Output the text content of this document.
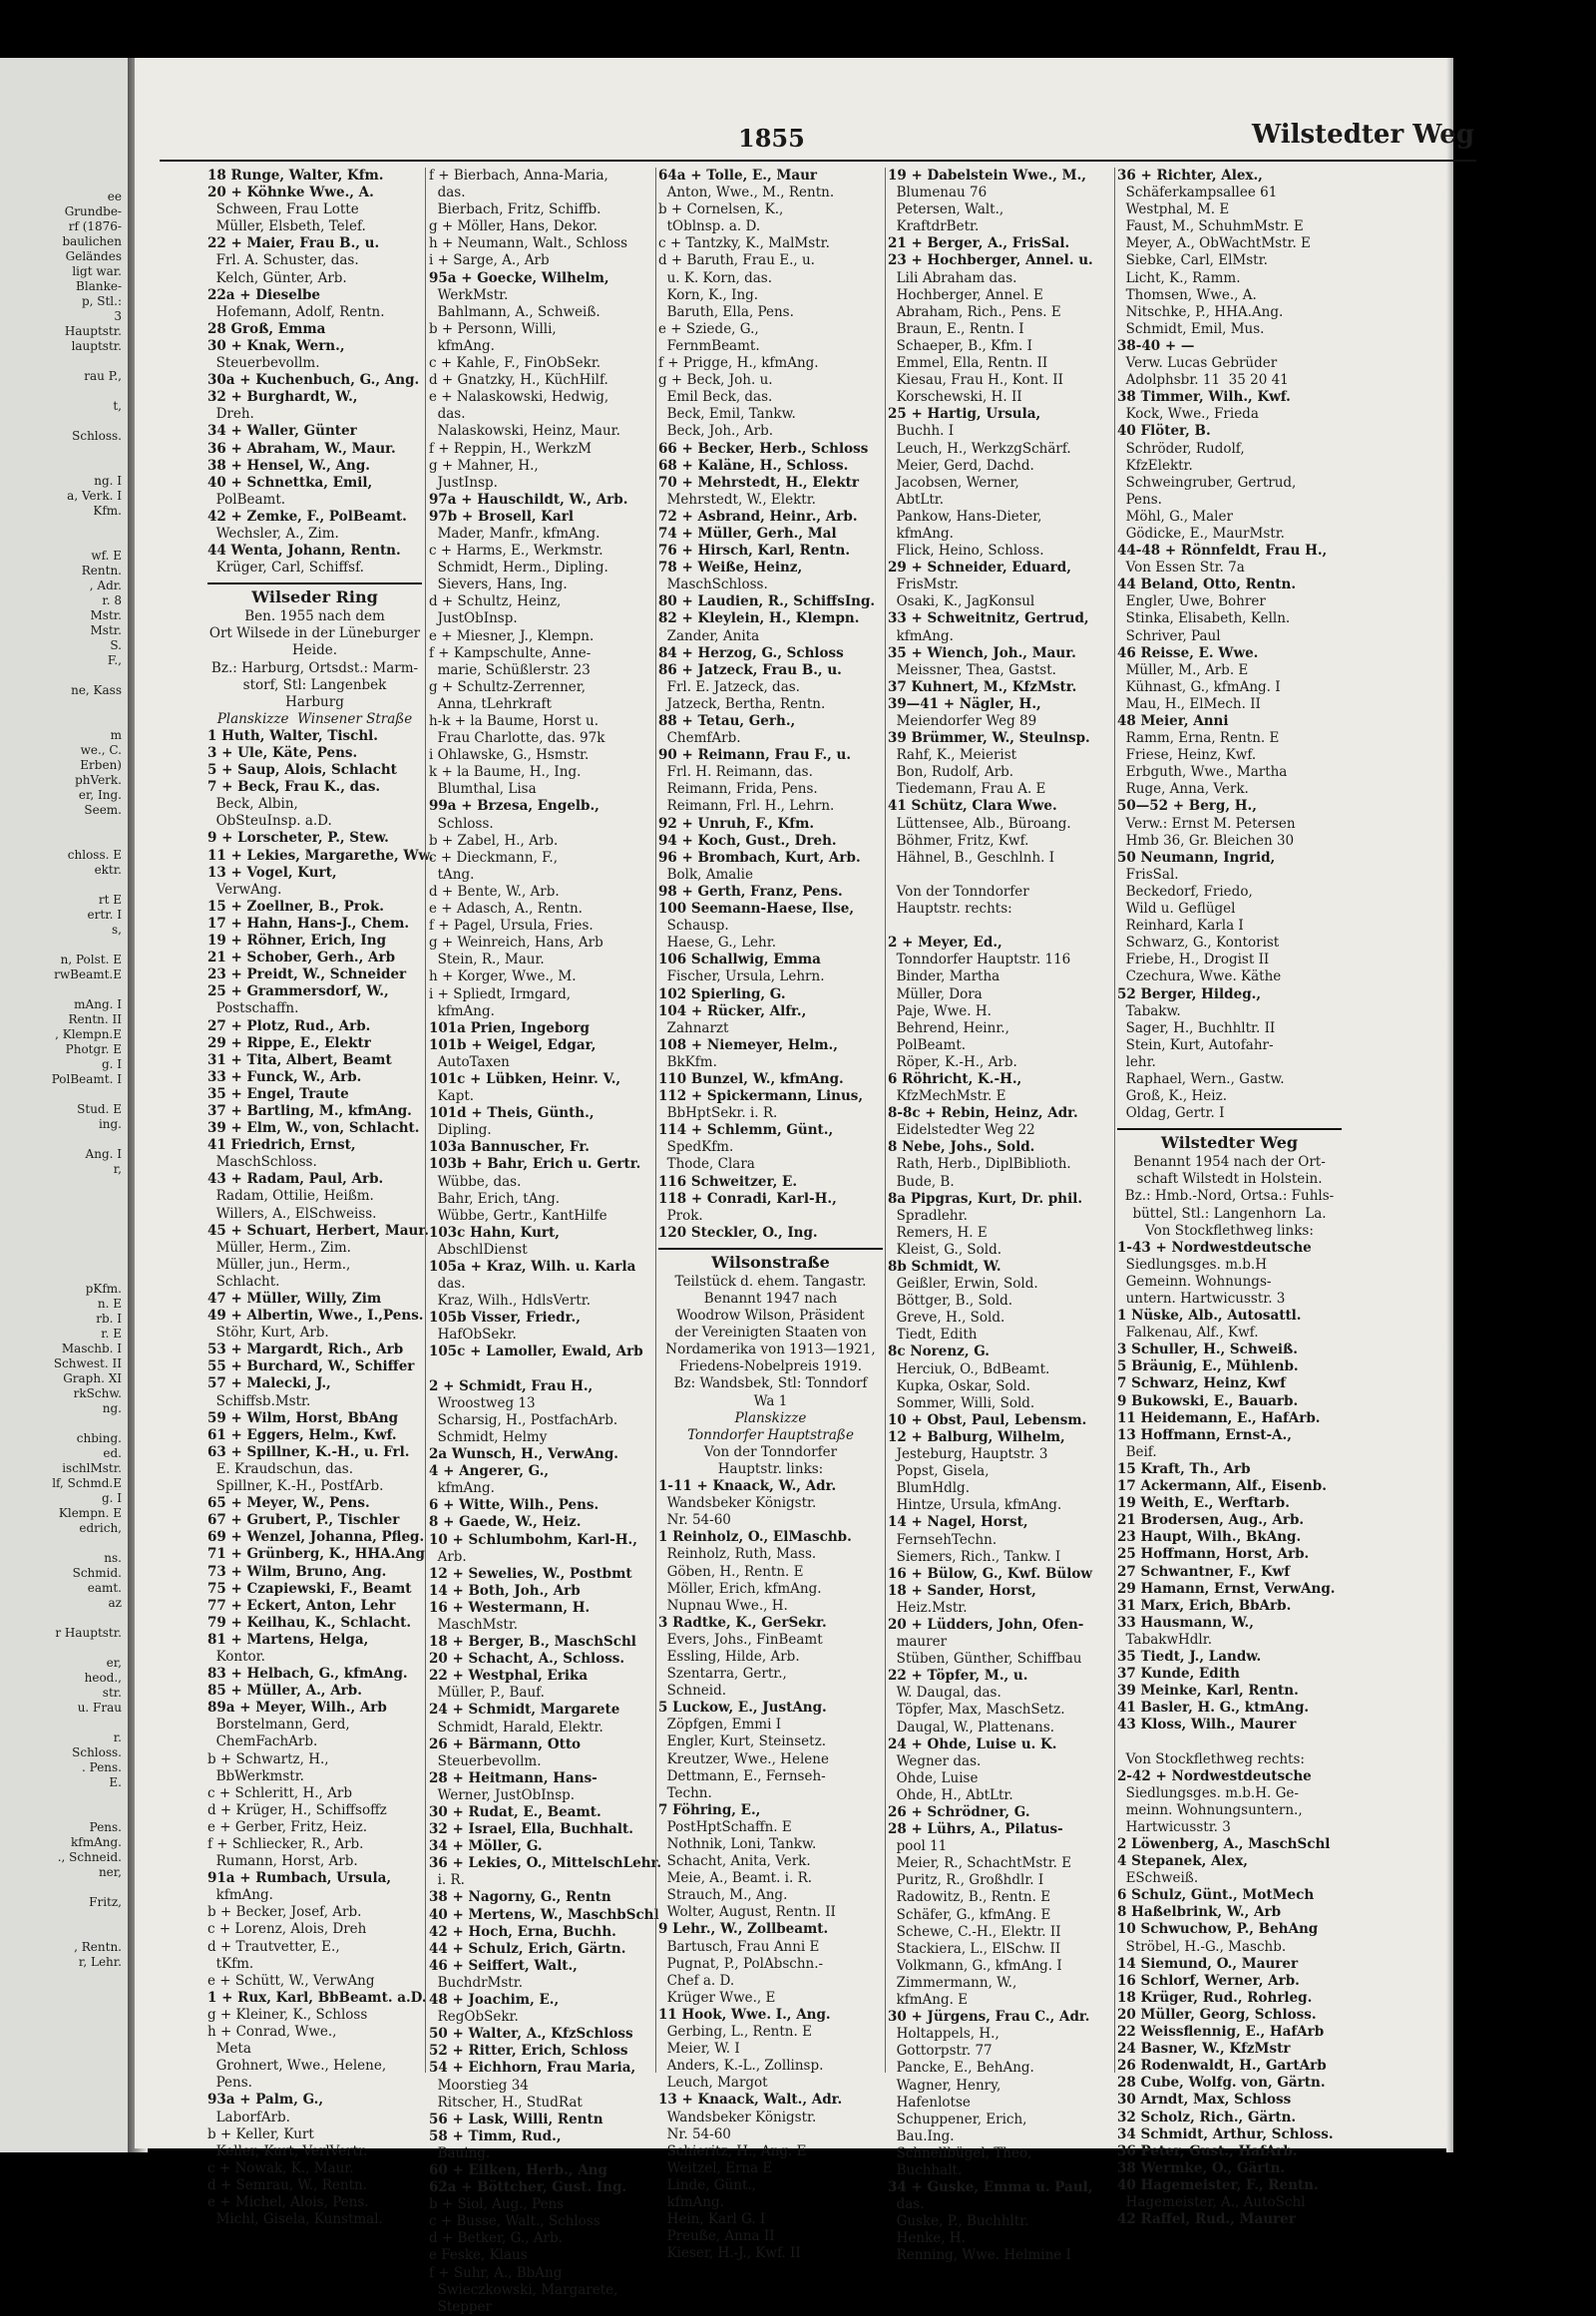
ee
Grundbe-
rf (1876-
baulichen
Geländes
ligt war.
Blanke-
p, Stl.:
3
Hauptstr.
lauptstr.

rau P.,

t,

Schloss.

ng. I
a, Verk. I
Kfm.

wf. E
Rentn.
, Adr.
r. 8
Mstr.
Mstr.
S.
F.,

ne, Kass

m
we., C.
Erben)
phVerk.
er, Ing.
Seem.

chloss. E
ektr.

rt E
ertr. I
s,

n, Polst. E
rwBeamt.E

mAng. I
Rentn. II
, Klempn.E
Photgr. E
g. I
PolBeamt. I

Stud. E
ing.

Ang. I
r,

pKfm.
n. E
rb. I
r. E
Maschb. I
Schwest. II
Graph. XI
rkSchw.
ng.

chbing.
ed.
ischlMstr.
lf, Schmd.E
g. I
Klempn. E
edrich,

ns.
Schmid.
eamt.
az

r Hauptstr.

er,
heod.,
str.
u. Frau

r.
Schloss.
. Pens.
E.

Pens.
kfmAng.
., Schneid.
ner,

Fritz,

, Rentn.
r, Lehr.
1855	Wilstedter Weg
18 Runge, Walter, Kfm.
20 + Köhnke Wwe., A.
Schween, Frau Lotte
Müller, Elsbeth, Telef.
22 + Maier, Frau B., u.
Frl. A. Schuster, das.
Kelch, Günter, Arb.
22a + Dieselbe
Hofemann, Adolf, Rentn.
28 Groß, Emma
30 + Knak, Wern.,
Steuerbevollm.
30a + Kuchenbuch, G., Ang.
32 + Burghardt, W.,
Dreh.
34 + Waller, Günter
36 + Abraham, W., Maur.
38 + Hensel, W., Ang.
40 + Schnettka, Emil,
PolBeamt.
42 + Zemke, F., PolBeamt.
Wechsler, A., Zim.
44 Wenta, Johann, Rentn.
Krüger, Carl, Schiffsf.
Wilseder Ring
Ben. 1955 nach dem
Ort Wilsede in der Lüneburger
Heide.
Bz.: Harburg, Ortsdst.: Marm-
storf, Stl: Langenbek
Harburg
Planskizze  Winsener Straße
1 Huth, Walter, Tischl.
3 + Ule, Käte, Pens.
5 + Saup, Alois, Schlacht
7 + Beck, Frau K., das.
Beck, Albin,
ObSteuInsp. a.D.
9 + Lorscheter, P., Stew.
11 + Lekies, Margarethe, Ww.
13 + Vogel, Kurt,
VerwAng.
15 + Zoellner, B., Prok.
17 + Hahn, Hans-J., Chem.
19 + Röhner, Erich, Ing
21 + Schober, Gerh., Arb
23 + Preidt, W., Schneider
25 + Grammersdorf, W.,
Postschaffn.
27 + Plotz, Rud., Arb.
29 + Rippe, E., Elektr
31 + Tita, Albert, Beamt
33 + Funck, W., Arb.
35 + Engel, Traute
37 + Bartling, M., kfmAng.
39 + Elm, W., von, Schlacht.
41 Friedrich, Ernst,
MaschSchloss.
43 + Radam, Paul, Arb.
Radam, Ottilie, Heißm.
Willers, A., ElSchweiss.
45 + Schuart, Herbert, Maur.
Müller, Herm., Zim.
Müller, jun., Herm.,
Schlacht.
47 + Müller, Willy, Zim
49 + Albertin, Wwe., I.,Pens.
Stöhr, Kurt, Arb.
53 + Margardt, Rich., Arb
55 + Burchard, W., Schiffer
57 + Malecki, J.,
Schiffsb.Mstr.
59 + Wilm, Horst, BbAng
61 + Eggers, Helm., Kwf.
63 + Spillner, K.-H., u. Frl.
E. Kraudschun, das.
Spillner, K.-H., PostfArb.
65 + Meyer, W., Pens.
67 + Grubert, P., Tischler
69 + Wenzel, Johanna, Pfleg.
71 + Grünberg, K., HHA.Ang
73 + Wilm, Bruno, Ang.
75 + Czapiewski, F., Beamt
77 + Eckert, Anton, Lehr
79 + Keilhau, K., Schlacht.
81 + Martens, Helga,
Kontor.
83 + Helbach, G., kfmAng.
85 + Müller, A., Arb.
89a + Meyer, Wilh., Arb
Borstelmann, Gerd,
ChemFachArb.
b + Schwartz, H.,
BbWerkmstr.
c + Schleritt, H., Arb
d + Krüger, H., Schiffsoffz
e + Gerber, Fritz, Heiz.
f + Schliecker, R., Arb.
Rumann, Horst, Arb.
91a + Rumbach, Ursula,
kfmAng.
b + Becker, Josef, Arb.
c + Lorenz, Alois, Dreh
d + Trautvetter, E.,
tKfm.
e + Schütt, W., VerwAng
1 + Rux, Karl, BbBeamt. a.D.
g + Kleiner, K., Schloss
h + Conrad, Wwe.,
Meta
Grohnert, Wwe., Helene,
Pens.
93a + Palm, G.,
LaborfArb.
b + Keller, Kurt
Keller, Kurt, VerlVertr.
c + Nowak, K., Maur.
d + Semrau, W., Rentn.
e + Michel, Alois, Pens.
Michl, Gisela, Kunstmal.
f + Bierbach, Anna-Maria,
das.
Bierbach, Fritz, Schiffb.
g + Möller, Hans, Dekor.
h + Neumann, Walt., Schloss
i + Sarge, A., Arb
95a + Goecke, Wilhelm,
WerkMstr.
Bahlmann, A., Schweiß.
b + Personn, Willi,
kfmAng.
c + Kahle, F., FinObSekr.
d + Gnatzky, H., KüchHilf.
e + Nalaskowski, Hedwig,
das.
Nalaskowski, Heinz, Maur.
f + Reppin, H., WerkzM
g + Mahner, H.,
JustInsp.
97a + Hauschildt, W., Arb.
97b + Brosell, Karl
Mader, Manfr., kfmAng.
c + Harms, E., Werkmstr.
Schmidt, Herm., Dipling.
Sievers, Hans, Ing.
d + Schultz, Heinz,
JustObInsp.
e + Miesner, J., Klempn.
f + Kampschulte, Anne-
marie, Schüßlerstr. 23
g + Schultz-Zerrenner,
Anna, tLehrkraft
h-k + la Baume, Horst u.
Frau Charlotte, das. 97k
i Ohlawske, G., Hsmstr.
k + la Baume, H., Ing.
Blumthal, Lisa
99a + Brzesa, Engelb.,
Schloss.
b + Zabel, H., Arb.
c + Dieckmann, F.,
tAng.
d + Bente, W., Arb.
e + Adasch, A., Rentn.
f + Pagel, Ursula, Fries.
g + Weinreich, Hans, Arb
Stein, R., Maur.
h + Korger, Wwe., M.
i + Spliedt, Irmgard,
kfmAng.
101a Prien, Ingeborg
101b + Weigel, Edgar,
AutoTaxen
101c + Lübken, Heinr. V.,
Kapt.
101d + Theis, Günth.,
Dipling.
103a Bannuscher, Fr.
103b + Bahr, Erich u. Gertr.
Wübbe, das.
Bahr, Erich, tAng.
Wübbe, Gertr., KantHilfe
103c Hahn, Kurt,
AbschlDienst
105a + Kraz, Wilh. u. Karla
das.
Kraz, Wilh., HdlsVertr.
105b Visser, Friedr.,
HafObSekr.
105c + Lamoller, Ewald, Arb

2 + Schmidt, Frau H.,
Wroostweg 13
Scharsig, H., PostfachArb.
Schmidt, Helmy
2a Wunsch, H., VerwAng.
4 + Angerer, G.,
kfmAng.
6 + Witte, Wilh., Pens.
8 + Gaede, W., Heiz.
10 + Schlumbohm, Karl-H.,
Arb.
12 + Sewelies, W., Postbmt
14 + Both, Joh., Arb
16 + Westermann, H.
MaschMstr.
18 + Berger, B., MaschSchl
20 + Schacht, A., Schloss.
22 + Westphal, Erika
Müller, P., Bauf.
24 + Schmidt, Margarete
Schmidt, Harald, Elektr.
26 + Bärmann, Otto
Steuerbevollm.
28 + Heitmann, Hans-
Werner, JustObInsp.
30 + Rudat, E., Beamt.
32 + Israel, Ella, Buchhalt.
34 + Möller, G.
36 + Lekies, O., MittelschLehr.
i. R.
38 + Nagorny, G., Rentn
40 + Mertens, W., MaschbSchl
42 + Hoch, Erna, Buchh.
44 + Schulz, Erich, Gärtn.
46 + Seiffert, Walt.,
BuchdrMstr.
48 + Joachim, E.,
RegObSekr.
50 + Walter, A., KfzSchloss
52 + Ritter, Erich, Schloss
54 + Eichhorn, Frau Maria,
Moorstieg 34
Ritscher, H., StudRat
56 + Lask, Willi, Rentn
58 + Timm, Rud.,
Bauing.
60 + Eilken, Herb., Ang
62a + Böttcher, Gust. Ing.
b + Siol, Aug., Pens
c + Busse, Walt., Schloss
d + Betker, G., Arb.
e Feske, Klaus
f + Suhr, A., BbAng
Swieczkowski, Margarete,
Stepper
64a + Tolle, E., Maur
Anton, Wwe., M., Rentn.
b + Cornelsen, K.,
tOblnsp. a. D.
c + Tantzky, K., MalMstr.
d + Baruth, Frau E., u.
u. K. Korn, das.
Korn, K., Ing.
Baruth, Ella, Pens.
e + Sziede, G.,
FernmBeamt.
f + Prigge, H., kfmAng.
g + Beck, Joh. u.
Emil Beck, das.
Beck, Emil, Tankw.
Beck, Joh., Arb.
66 + Becker, Herb., Schloss
68 + Kaläne, H., Schloss.
70 + Mehrstedt, H., Elektr
Mehrstedt, W., Elektr.
72 + Asbrand, Heinr., Arb.
74 + Müller, Gerh., Mal
76 + Hirsch, Karl, Rentn.
78 + Weiße, Heinz,
MaschSchloss.
80 + Laudien, R., SchiffsIng.
82 + Kleylein, H., Klempn.
Zander, Anita
84 + Herzog, G., Schloss
86 + Jatzeck, Frau B., u.
Frl. E. Jatzeck, das.
Jatzeck, Bertha, Rentn.
88 + Tetau, Gerh.,
ChemfArb.
90 + Reimann, Frau F., u.
Frl. H. Reimann, das.
Reimann, Frida, Pens.
Reimann, Frl. H., Lehrn.
92 + Unruh, F., Kfm.
94 + Koch, Gust., Dreh.
96 + Brombach, Kurt, Arb.
Bolk, Amalie
98 + Gerth, Franz, Pens.
100 Seemann-Haese, Ilse,
Schausp.
Haese, G., Lehr.
106 Schallwig, Emma
Fischer, Ursula, Lehrn.
102 Spierling, G.
104 + Rücker, Alfr.,
Zahnarzt
108 + Niemeyer, Helm.,
BkKfm.
110 Bunzel, W., kfmAng.
112 + Spickermann, Linus,
BbHptSekr. i. R.
114 + Schlemm, Günt.,
SpedKfm.
Thode, Clara
116 Schweitzer, E.
118 + Conradi, Karl-H.,
Prok.
120 Steckler, O., Ing.
Wilsonstraße
Teilstück d. ehem. Tangastr.
Benannt 1947 nach
Woodrow Wilson, Präsident
der Vereinigten Staaten von
Nordamerika von 1913—1921,
Friedens-Nobelpreis 1919.
Bz: Wandsbek, Stl: Tonndorf
Wa 1
Planskizze
Tonndorfer Hauptstraße
Von der Tonndorfer
Hauptstr. links:
1-11 + Knaack, W., Adr.
Wandsbeker Königstr.
Nr. 54-60
1 Reinholz, O., ElMaschb.
Reinholz, Ruth, Mass.
Göben, H., Rentn. E
Möller, Erich, kfmAng.
Nupnau Wwe., H.
3 Radtke, K., GerSekr.
Evers, Johs., FinBeamt
Essling, Hilde, Arb.
Szentarra, Gertr.,
Schneid.
5 Luckow, E., JustAng.
Zöpfgen, Emmi I
Engler, Kurt, Steinsetz.
Kreutzer, Wwe., Helene
Dettmann, E., Fernseh-
Techn.
7 Föhring, E.,
PostHptSchaffn. E
Nothnik, Loni, Tankw.
Schacht, Anita, Verk.
Meie, A., Beamt. i. R.
Strauch, M., Ang.
Wolter, August, Rentn. II
9 Lehr., W., Zollbeamt.
Bartusch, Frau Anni E
Pugnat, P., PolAbschn.-
Chef a. D.
Krüger Wwe., E
11 Hook, Wwe. I., Ang.
Gerbing, L., Rentn. E
Meier, W. I
Anders, K.-L., Zollinsp.
Leuch, Margot
13 + Knaack, Walt., Adr.
Wandsbeker Königstr.
Nr. 54-60
Schieritz, H., Ang. E
Weitzel, Erna E
Linde, Günt.,
kfmAng.
Hein, Karl G. I
Preuße, Anna II
Kieser, H.-J., Kwf. II
19 + Dabelstein Wwe., M.,
Blumenau 76
Petersen, Walt.,
KraftdrBetr.
21 + Berger, A., FrisSal.
23 + Hochberger, Annel. u.
Lili Abraham das.
Hochberger, Annel. E
Abraham, Rich., Pens. E
Braun, E., Rentn. I
Schaeper, B., Kfm. I
Emmel, Ella, Rentn. II
Kiesau, Frau H., Kont. II
Korschewski, H. II
25 + Hartig, Ursula,
Buchh. I
Leuch, H., WerkzgSchärf.
Meier, Gerd, Dachd.
Jacobsen, Werner,
AbtLtr.
Pankow, Hans-Dieter,
kfmAng.
Flick, Heino, Schloss.
29 + Schneider, Eduard,
FrisMstr.
Osaki, K., JagKonsul
33 + Schweitnitz, Gertrud,
kfmAng.
35 + Wiench, Joh., Maur.
Meissner, Thea, Gastst.
37 Kuhnert, M., KfzMstr.
39—41 + Nägler, H.,
Meiendorfer Weg 89
39 Brümmer, W., Steulnsp.
Rahf, K., Meierist
Bon, Rudolf, Arb.
Tiedemann, Frau A. E
41 Schütz, Clara Wwe.
Lüttensee, Alb., Büroang.
Böhmer, Fritz, Kwf.
Hähnel, B., Geschlnh. I

Von der Tonndorfer
Hauptstr. rechts:

2 + Meyer, Ed.,
Tonndorfer Hauptstr. 116
Binder, Martha
Müller, Dora
Paje, Wwe. H.
Behrend, Heinr.,
PolBeamt.
Röper, K.-H., Arb.
6 Röhricht, K.-H.,
KfzMechMstr. E
8-8c + Rebin, Heinz, Adr.
Eidelstedter Weg 22
8 Nebe, Johs., Sold.
Rath, Herb., DiplBiblioth.
Bude, B.
8a Pipgras, Kurt, Dr. phil.
Spradlehr.
Remers, H. E
Kleist, G., Sold.
8b Schmidt, W.
Geißler, Erwin, Sold.
Böttger, B., Sold.
Greve, H., Sold.
Tiedt, Edith
8c Norenz, G.
Herciuk, O., BdBeamt.
Kupka, Oskar, Sold.
Sommer, Willi, Sold.
10 + Obst, Paul, Lebensm.
12 + Balburg, Wilhelm,
Jesteburg, Hauptstr. 3
Popst, Gisela,
BlumHdlg.
Hintze, Ursula, kfmAng.
14 + Nagel, Horst,
FernsehTechn.
Siemers, Rich., Tankw. I
16 + Bülow, G., Kwf. Bülow
18 + Sander, Horst,
Heiz.Mstr.
20 + Lüdders, John, Ofen-
maurer
Stüben, Günther, Schiffbau
22 + Töpfer, M., u.
W. Daugal, das.
Töpfer, Max, MaschSetz.
Daugal, W., Plattenans.
24 + Ohde, Luise u. K.
Wegner das.
Ohde, Luise
Ohde, H., AbtLtr.
26 + Schrödner, G.
28 + Lührs, A., Pilatus-
pool 11
Meier, R., SchachtMstr. E
Puritz, R., Großhdlr. I
Radowitz, B., Rentn. E
Schäfer, G., kfmAng. E
Schewe, C.-H., Elektr. II
Stackiera, L., ElSchw. II
Volkmann, G., kfmAng. I
Zimmermann, W.,
kfmAng. E
30 + Jürgens, Frau C., Adr.
Holtappels, H.,
Gottorpstr. 77
Pancke, E., BehAng.
Wagner, Henry,
Hafenlotse
Schuppener, Erich,
Bau.Ing.
Schnellbügel, Theo,
Buchhalt.
34 + Guske, Emma u. Paul,
das.
Guske, P., Buchhltr.
Henke, H.
Renning, Wwe. Helmine I
36 + Richter, Alex.,
Schäferkampsallee 61
Westphal, M. E
Faust, M., SchuhmMstr. E
Meyer, A., ObWachtMstr. E
Siebke, Carl, ElMstr.
Licht, K., Ramm.
Thomsen, Wwe., A.
Nitschke, P., HHA.Ang.
Schmidt, Emil, Mus.
38-40 + —
Verw. Lucas Gebrüder
Adolphsbr. 11  35 20 41
38 Timmer, Wilh., Kwf.
Kock, Wwe., Frieda
40 Flöter, B.
Schröder, Rudolf,
KfzElektr.
Schweingruber, Gertrud,
Pens.
Möhl, G., Maler
Gödicke, E., MaurMstr.
44-48 + Rönnfeldt, Frau H.,
Von Essen Str. 7a
44 Beland, Otto, Rentn.
Engler, Uwe, Bohrer
Stinka, Elisabeth, Kelln.
Schriver, Paul
46 Reisse, E. Wwe.
Müller, M., Arb. E
Kühnast, G., kfmAng. I
Mau, H., ElMech. II
48 Meier, Anni
Ramm, Erna, Rentn. E
Friese, Heinz, Kwf.
Erbguth, Wwe., Martha
Ruge, Anna, Verk.
50—52 + Berg, H.,
Verw.: Ernst M. Petersen
Hmb 36, Gr. Bleichen 30
50 Neumann, Ingrid,
FrisSal.
Beckedorf, Friedo,
Wild u. Geflügel
Reinhard, Karla I
Schwarz, G., Kontorist
Friebe, H., Drogist II
Czechura, Wwe. Käthe
52 Berger, Hildeg.,
Tabakw.
Sager, H., Buchhltr. II
Stein, Kurt, Autofahr-
lehr.
Raphael, Wern., Gastw.
Groß, K., Heiz.
Oldag, Gertr. I
Wilstedter Weg
Benannt 1954 nach der Ort-
schaft Wilstedt in Holstein.
Bz.: Hmb.-Nord, Ortsa.: Fuhls-
büttel, Stl.: Langenhorn  La.
Von Stockflethweg links:
1-43 + Nordwestdeutsche
Siedlungsges. m.b.H
Gemeinn. Wohnungs-
untern. Hartwicusstr. 3
1 Nüske, Alb., Autosattl.
Falkenau, Alf., Kwf.
3 Schuller, H., Schweiß.
5 Bräunig, E., Mühlenb.
7 Schwarz, Heinz, Kwf
9 Bukowski, E., Bauarb.
11 Heidemann, E., HafArb.
13 Hoffmann, Ernst-A.,
Beif.
15 Kraft, Th., Arb
17 Ackermann, Alf., Eisenb.
19 Weith, E., Werftarb.
21 Brodersen, Aug., Arb.
23 Haupt, Wilh., BkAng.
25 Hoffmann, Horst, Arb.
27 Schwantner, F., Kwf
29 Hamann, Ernst, VerwAng.
31 Marx, Erich, BbArb.
33 Hausmann, W.,
TabakwHdlr.
35 Tiedt, J., Landw.
37 Kunde, Edith
39 Meinke, Karl, Rentn.
41 Basler, H. G., ktmAng.
43 Kloss, Wilh., Maurer

Von Stockflethweg rechts:
2-42 + Nordwestdeutsche
Siedlungsges. m.b.H. Ge-
meinn. Wohnungsuntern.,
Hartwicusstr. 3
2 Löwenberg, A., MaschSchl
4 Stepanek, Alex,
ESchweiß.
6 Schulz, Günt., MotMech
8 Haßelbrink, W., Arb
10 Schwuchow, P., BehAng
Ströbel, H.-G., Maschb.
14 Siemund, O., Maurer
16 Schlorf, Werner, Arb.
18 Krüger, Rud., Rohrleg.
20 Müller, Georg, Schloss.
22 Weissflennig, E., HafArb
24 Basner, W., KfzMstr
26 Rodenwaldt, H., GartArb
28 Cube, Wolfg. von, Gärtn.
30 Arndt, Max, Schloss
32 Scholz, Rich., Gärtn.
34 Schmidt, Arthur, Schloss.
36 Peter, Gust., HafArb.
38 Wermke, O., Gärtn.
40 Hagemeister, F., Rentn.
Hagemeister, A., AutoSchl
42 Raffel, Rud., Maurer
